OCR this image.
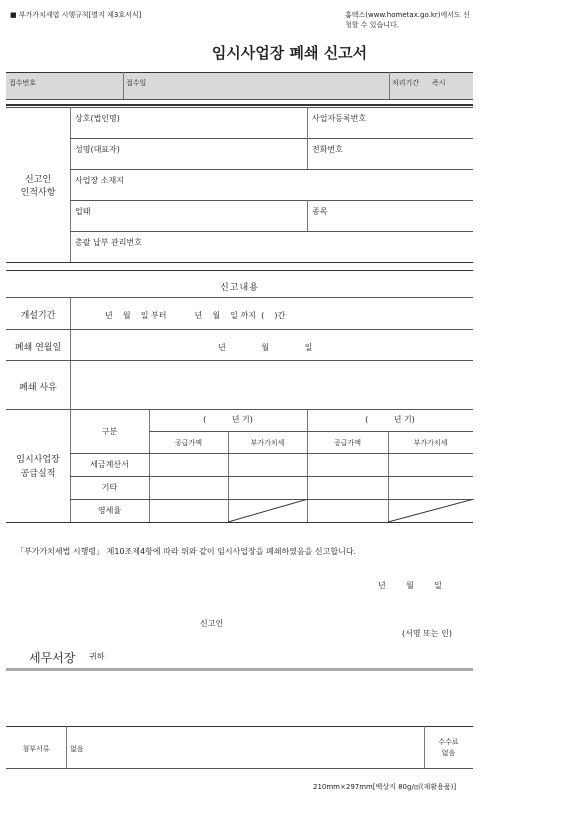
■ 부가가치세법 시행규칙[별지 제3호서식]	홈택스(www.hometax.go.kr)에서도 신
청할 수 있습니다.
임시사업장 폐쇄 신고서
접수번호	접수일	처리기간 즉시
신고인
인적사항
상호(법인명)	사업자등록번호
성명(대표자)	전화번호
사업장 소재지
업태	종목
총괄 납부 관리번호
신고내용
개설기간	년    월    일 부터           년    월    일 까지  (    )간
폐쇄 연월일	년              월              일
폐쇄 사유
임시사업장
공급실적
구분
(          년 기)	(          년 기)
공급가액	부가가치세	공급가액	부가가치세
세금계산서
기타
영세율
「부가가치세법 시행령」 제10조제4항에 따라 위와 같이 임시사업장을 폐쇄하였음을 신고합니다.
년        월        일
신고인
(서명 또는 인)
세무서장 귀하
첨부서류	없음
수수료
없음
210mm×297mm[백상지 80g/㎡(재활용품)]
